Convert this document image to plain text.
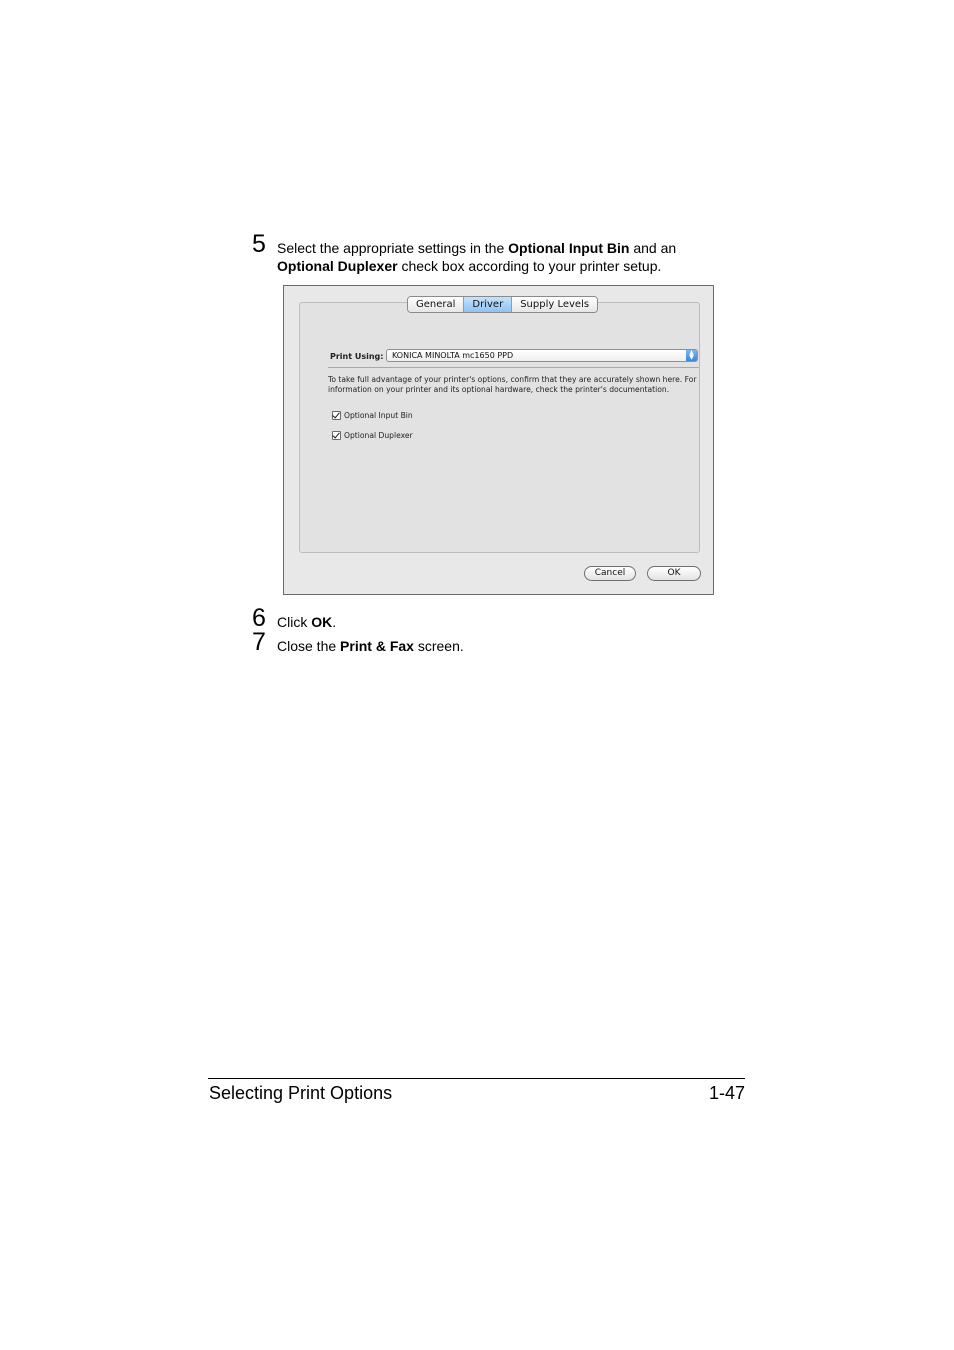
5 Select the appropriate settings in the Optional Input Bin and an
Optional Duplexer check box according to your printer setup.
Print Using: KONICA MINOLTA mc1650 PPD	▲
▼
To take full advantage of your printer's options, confirm that they are accurately shown here. For information on your printer and its optional hardware, check the printer's documentation.
Optional Input Bin
Optional Duplexer
General	Driver	Supply Levels
Cancel	OK
6 Click OK.
7 Close the Print & Fax screen.
Selecting Print Options	1-47
